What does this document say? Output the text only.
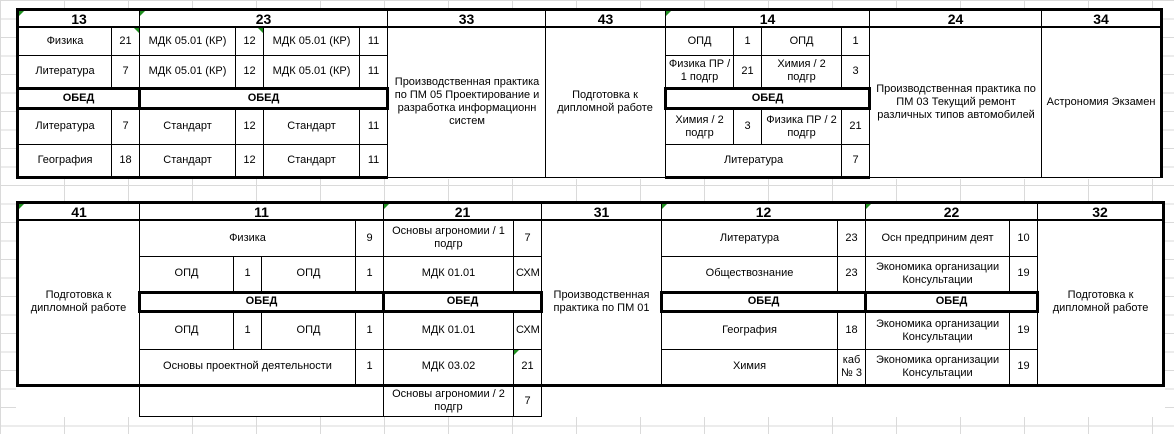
13		23				33	43	14				24	34
Физика	21	МДК 05.01 (КР)	12	МДК 05.01 (КР)	11	Производственная практика по ПМ 05 Проектирование и разработка информационн систем	Подготовка к дипломной работе	ОПД	1	ОПД	1	Производственная практика по ПМ 03 Текущий ремонт различных типов автомобилей	Астрономия Экзамен
Литература	7	МДК 05.01 (КР)	12	МДК 05.01 (КР)	11			Физика ПР / 1 подгр	21	Химия / 2 подгр	3		
ОБЕД		ОБЕД						ОБЕД					
Литература	7	Стандарт	12	Стандарт	11			Химия / 2 подгр	3	Физика ПР / 2 подгр	21		
География	18	Стандарт	12	Стандарт	11			Литература			7		
41	11				21		31	12		22		32
Подготовка к дипломной работе	Физика			9	Основы агрономии / 1 подгр	7	Производственная практика по ПМ 01	Литература	23	Осн предприним деят	10	Подготовка к дипломной работе
	ОПД	1	ОПД	1	МДК 01.01	СХМ		Обществознание	23	Экономика организации Консультации	19	
	ОБЕД				ОБЕД			ОБЕД		ОБЕД		
	ОПД	1	ОПД	1	МДК 01.01	СХМ		География	18	Экономика организации Консультации	19	
	Основы проектной деятельности			1	МДК 03.02	21		Химия	каб № 3	Экономика организации Консультации	19	
					Основы агрономии / 2 подгр	7						
